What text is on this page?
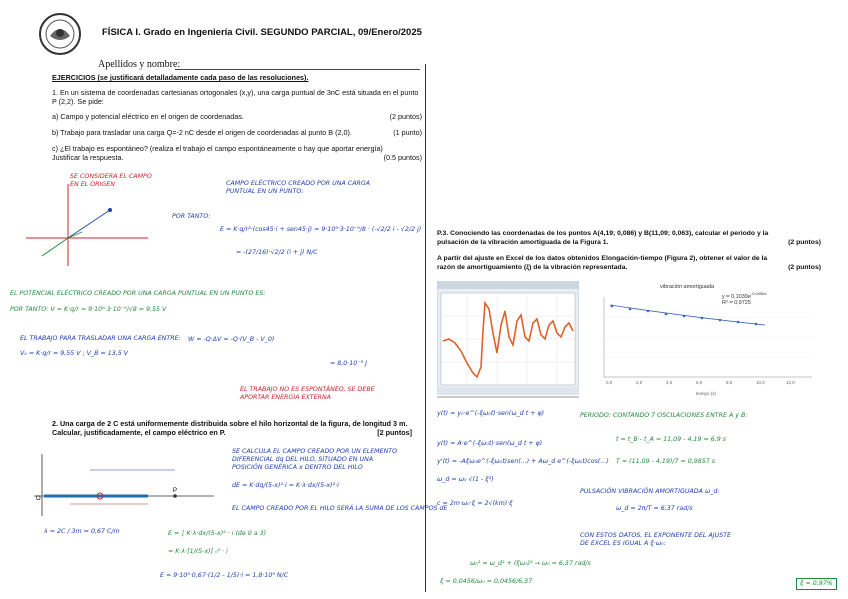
FÍSICA I. Grado en Ingeniería Civil. SEGUNDO PARCIAL, 09/Enero/2025
Apellidos y nombre:
EJERCICIOS (se justificará detalladamente cada paso de las resoluciones).
1. En un sistema de coordenadas cartesianas ortogonales (x,y), una carga puntual de 3nC está situada en el punto P (2,2). Se pide:
a) Campo y potencial eléctrico en el origen de coordenadas.	(2 puntos)
b) Trabajo para trasladar una carga Q=-2 nC desde el origen de coordenadas al punto B (2,0).	(1 punto)
c) ¿El trabajo es espontáneo? (realiza el trabajo el campo espontáneamente o hay que aportar energía)
Justificar la respuesta.	(0.5 puntos)
SE CONSIDERA EL CAMPO
EN EL ORIGEN	CAMPO ELÉCTRICO CREADO POR UNA CARGA
PUNTUAL EN UN PUNTO:
POR TANTO:
E = K·q/r²·(cos45·i + sen45·j) = 9·10⁹·3·10⁻⁹/8 · (-√2/2 i - √2/2 j)
= -(27/16)·√2/2 (i + j) N/C
EL POTENCIAL ELÉCTRICO CREADO POR UNA CARGA PUNTUAL EN UN PUNTO ES:
POR TANTO: V = K·q/r = 9·10⁹·3·10⁻⁹/√8 = 9,55 V
EL TRABAJO PARA TRASLADAR UNA CARGA ENTRE: W = -Q·ΔV = -Q·(V_B - V_0)
V₀ = K·q/r = 9,55 V ; V_B = 13,5 V
= 8,0·10⁻⁹ J
EL TRABAJO NO ES ESPONTÁNEO, SE DEBE
APORTAR ENERGÍA EXTERNA
2. Una carga de 2 C está uniformemente distribuida sobre el hilo horizontal de la figura, de longitud 3 m.
Calcular, justificadamente, el campo eléctrico en P.	[2 puntos]
P
O
λ = 2C / 3m = 0,67 C/m
SE CALCULA EL CAMPO CREADO POR UN ELEMENTO
DIFERENCIAL dq DEL HILO, SITUADO EN UNA
POSICIÓN GENÉRICA x DENTRO DEL HILO
dE = K·dq/(5-x)²·i = K·λ·dx/(5-x)²·i
EL CAMPO CREADO POR EL HILO SERÁ LA SUMA DE LOS CAMPOS dE
E = ∫ K·λ·dx/(5-x)² · i (de 0 a 3)
= K·λ·[1/(5-x)] ₀³ · i
E = 9·10⁹·0,67·(1/2 - 1/5)·i = 1,8·10⁹ N/C
P.3. Conociendo las coordenadas de los puntos A(4,19; 0,086) y B(11,09; 0,063), calcular el periodo y la
pulsación de la vibración amortiguada de la Figura 1.	(2 puntos)
A partir del ajuste en Excel de los datos obtenidos Elongación-tiempo (Figura 2), obtener el valor de la
razón de amortiguamiento (ξ) de la vibración representada.	(2 puntos)
0,0	2,0	4,0	6,0	8,0	10,0	12,0
vibración amortiguada
$y = 0,1039e^{-0,0456x}$
R² = 0,9725
tiempo (s)
y(t) = y₀·e^(-ξω₀t)·sen(ω_d t + φ)
y(t) = A·e^(-ξω₀t)·sen(ω_d t + φ)
y'(t) = -Aξω₀e^(-ξω₀t)sen(...) + Aω_d e^(-ξω₀t)cos(...)
ω_d = ω₀ √(1 - ξ²)
c = 2m·ω₀·ξ = 2√(km)·ξ
PERIODO: CONTANDO 7 OSCILACIONES ENTRE A y B:
t = t_B - t_A = 11,09 - 4,19 = 6,9 s
T = (11,09 - 4,19)/7 = 0,9857 s
PULSACIÓN VIBRACIÓN AMORTIGUADA ω_d:
ω_d = 2π/T = 6,37 rad/s
CON ESTOS DATOS, EL EXPONENTE DEL AJUSTE
DE EXCEL ES IGUAL A ξ·ω₀:
ω₀² = ω_d² + (ξω₀)² → ω₀ = 6,37 rad/s
ξ = 0,0456/ω₀ = 0,0456/6,37	ξ = 0,97%
